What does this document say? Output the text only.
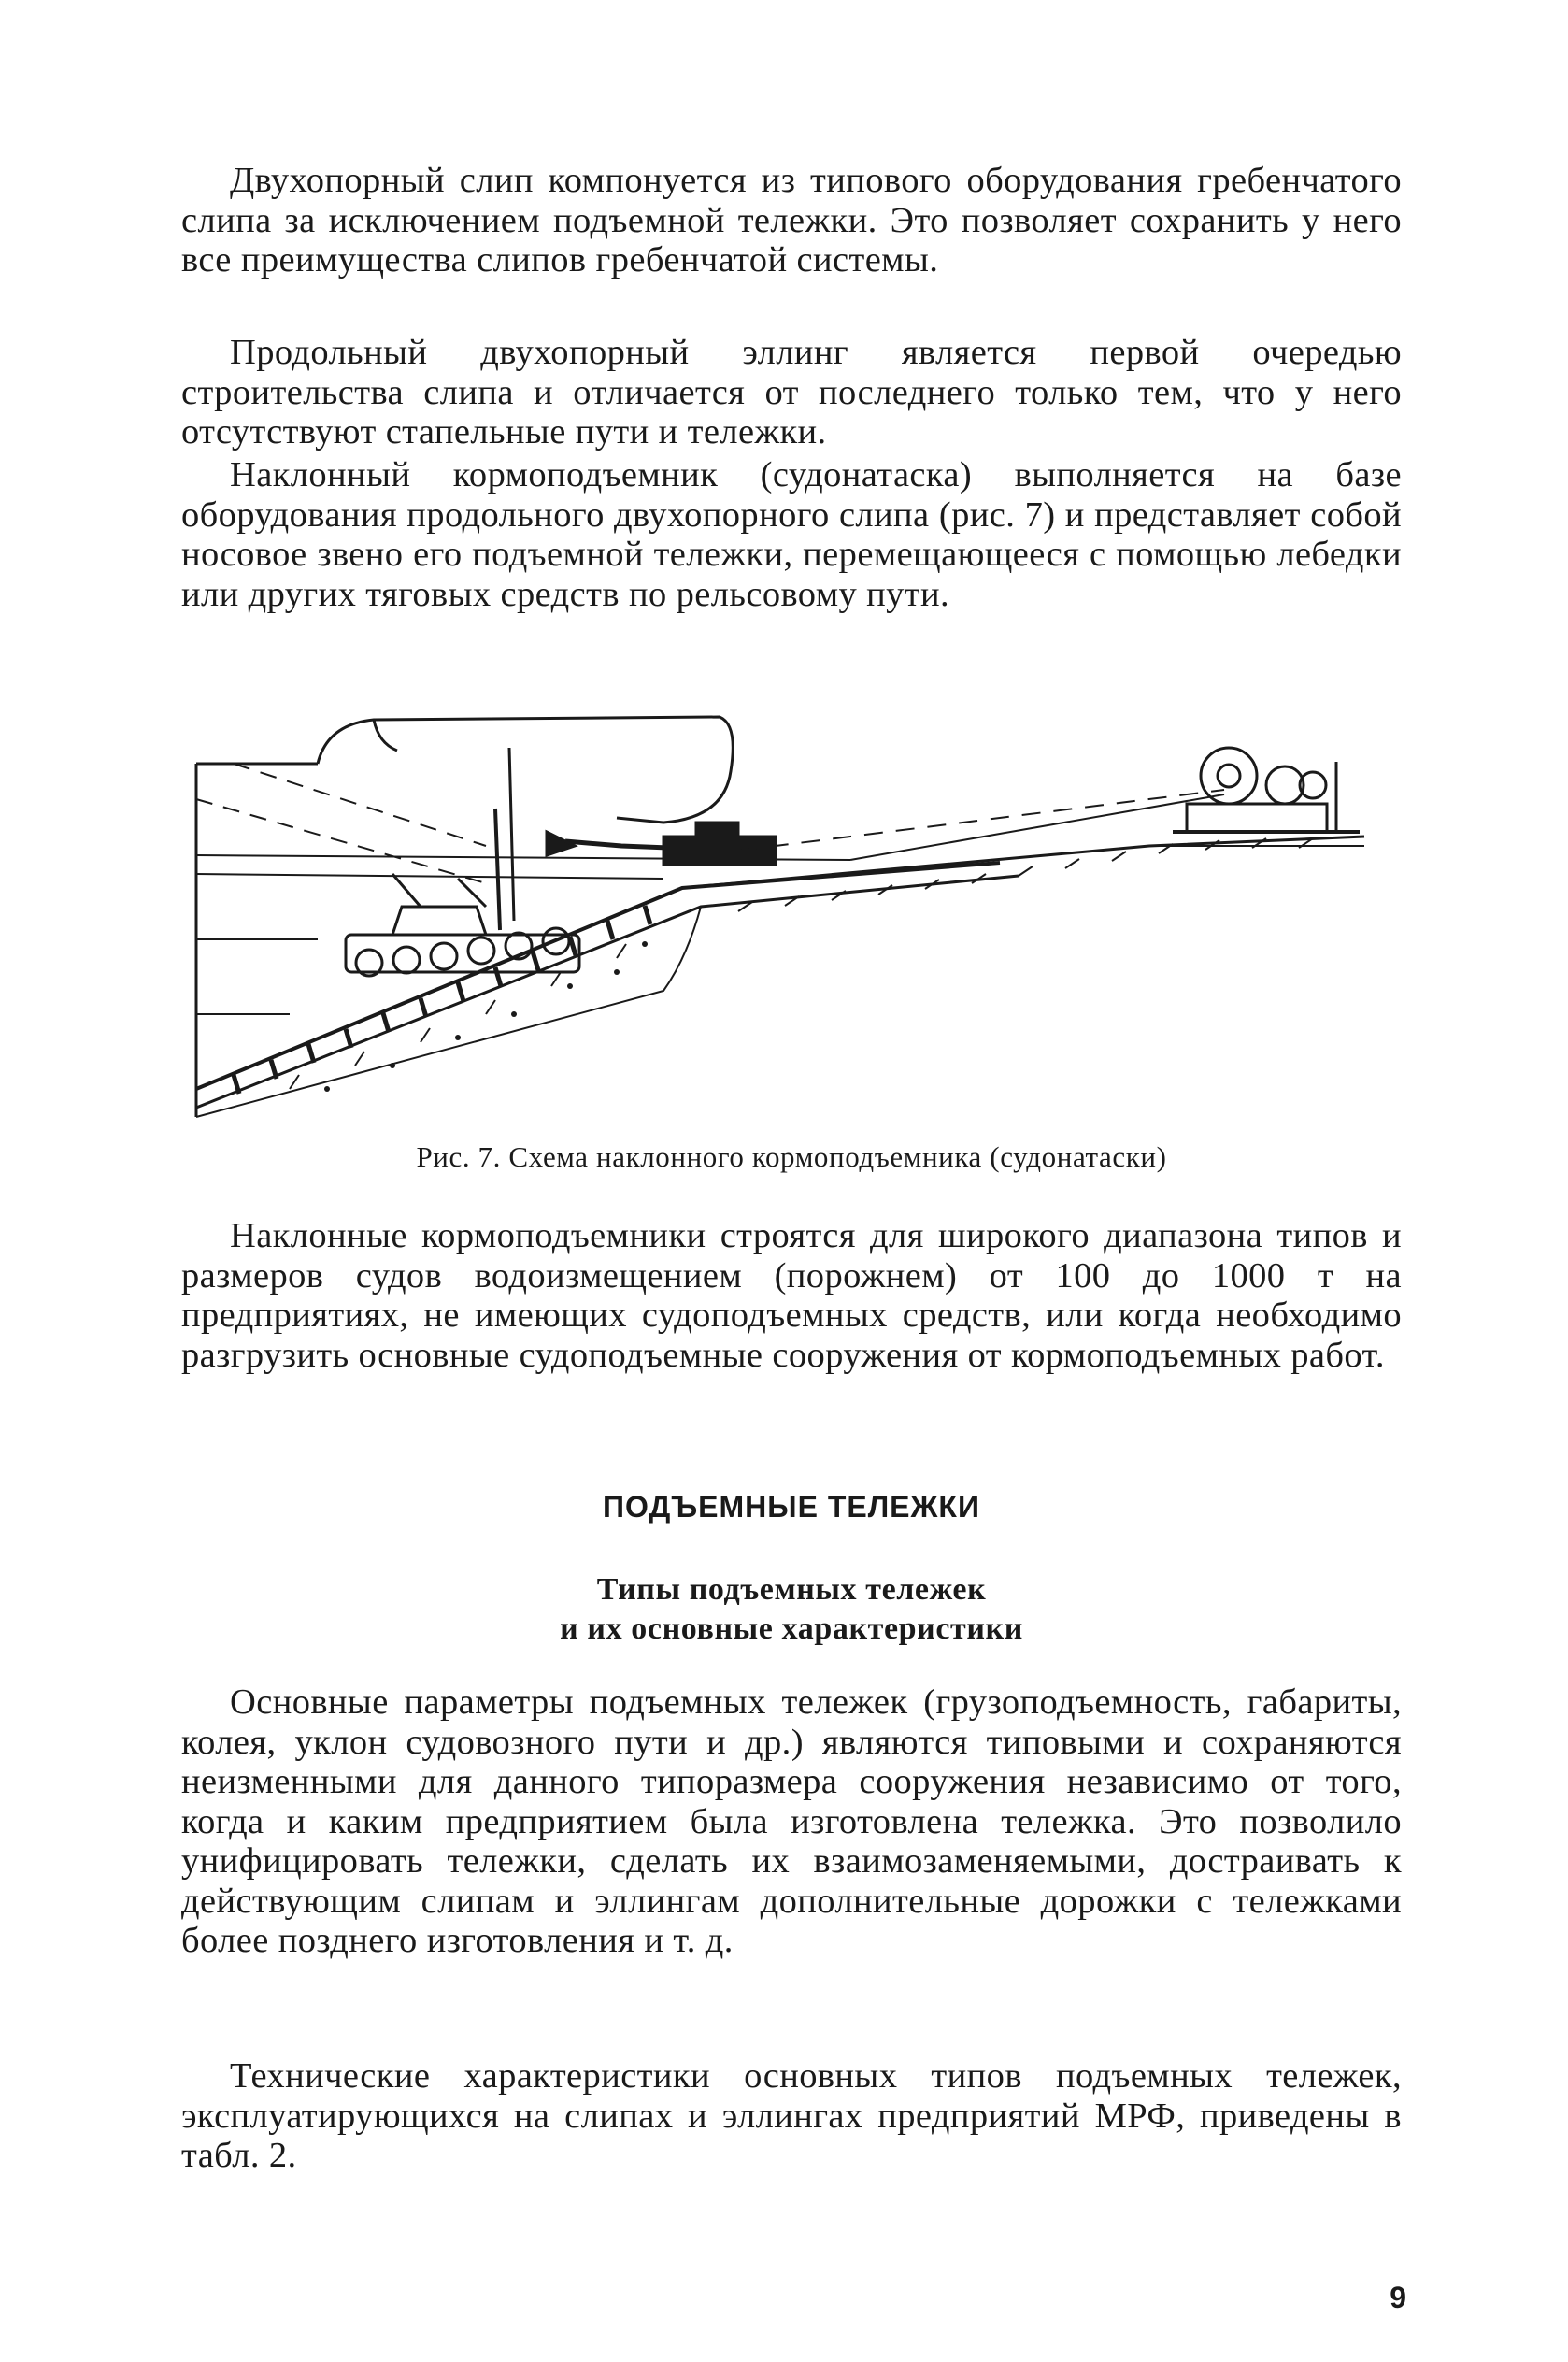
Двухопорный слип компонуется из типового оборудования гребенчатого слипа за исключением подъемной тележки. Это позволяет сохранить у него все преимущества слипов гребенчатой системы.

Продольный двухопорный эллинг является первой очередью строительства слипа и отличается от последнего только тем, что у него отсутствуют стапельные пути и тележки.

Наклонный кормоподъемник (судонатаска) выполняется на базе оборудования продольного двухопорного слипа (рис. 7) и представляет собой носовое звено его подъемной тележки, перемещающееся с помощью лебедки или других тяговых средств по рельсовому пути.

Рис. 7. Схема наклонного кормоподъемника (судонатаски)

Наклонные кормоподъемники строятся для широкого диапазона типов и размеров судов водоизмещением (порожнем) от 100 до 1000 т на предприятиях, не имеющих судоподъемных средств, или когда необходимо разгрузить основные судоподъемные сооружения от кормоподъемных работ.

ПОДЪЕМНЫЕ ТЕЛЕЖКИ
Типы подъемных тележек
и их основные характеристики

Основные параметры подъемных тележек (грузоподъемность, габариты, колея, уклон судовозного пути и др.) являются типовыми и сохраняются неизменными для данного типоразмера сооружения независимо от того, когда и каким предприятием была изготовлена тележка. Это позволило унифицировать тележки, сделать их взаимозаменяемыми, достраивать к действующим слипам и эллингам дополнительные дорожки с тележками более позднего изготовления и т. д.

Технические характеристики основных типов подъемных тележек, эксплуатирующихся на слипах и эллингах предприятий МРФ, приведены в табл. 2.

9
